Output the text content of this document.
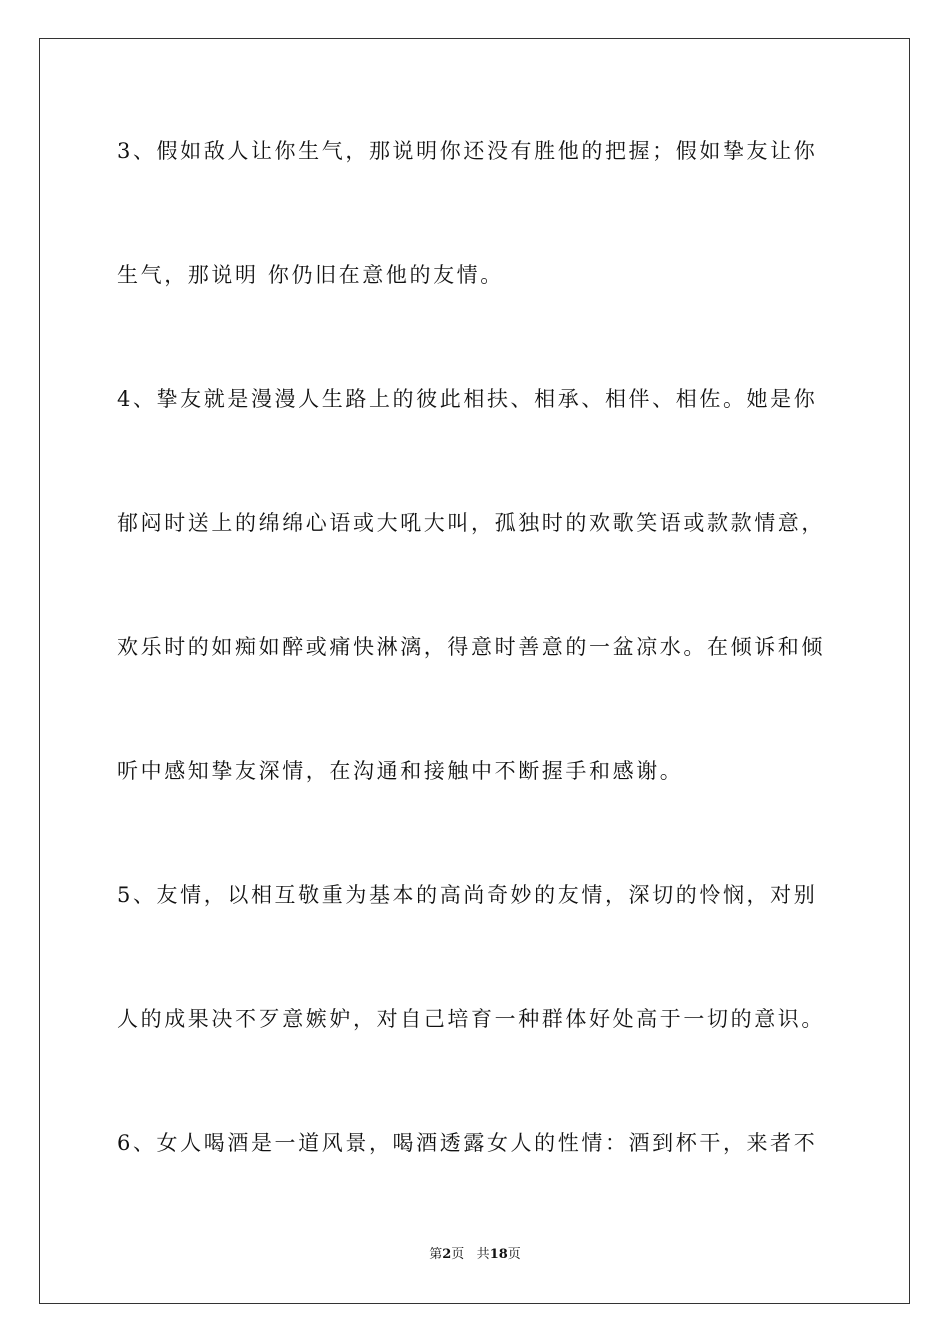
3、假如敌人让你生气，那说明你还没有胜他的把握；假如挚友让你
生气，那说明 你仍旧在意他的友情。
4、挚友就是漫漫人生路上的彼此相扶、相承、相伴、相佐。她是你
郁闷时送上的绵绵心语或大吼大叫，孤独时的欢歌笑语或款款情意，
欢乐时的如痴如醉或痛快淋漓，得意时善意的一盆凉水。在倾诉和倾
听中感知挚友深情，在沟通和接触中不断握手和感谢。
5、友情，以相互敬重为基本的高尚奇妙的友情，深切的怜悯，对别
人的成果决不歹意嫉妒，对自己培育一种群体好处高于一切的意识。
6、女人喝酒是一道风景，喝酒透露女人的性情：酒到杯干，来者不
第2页 共18页
